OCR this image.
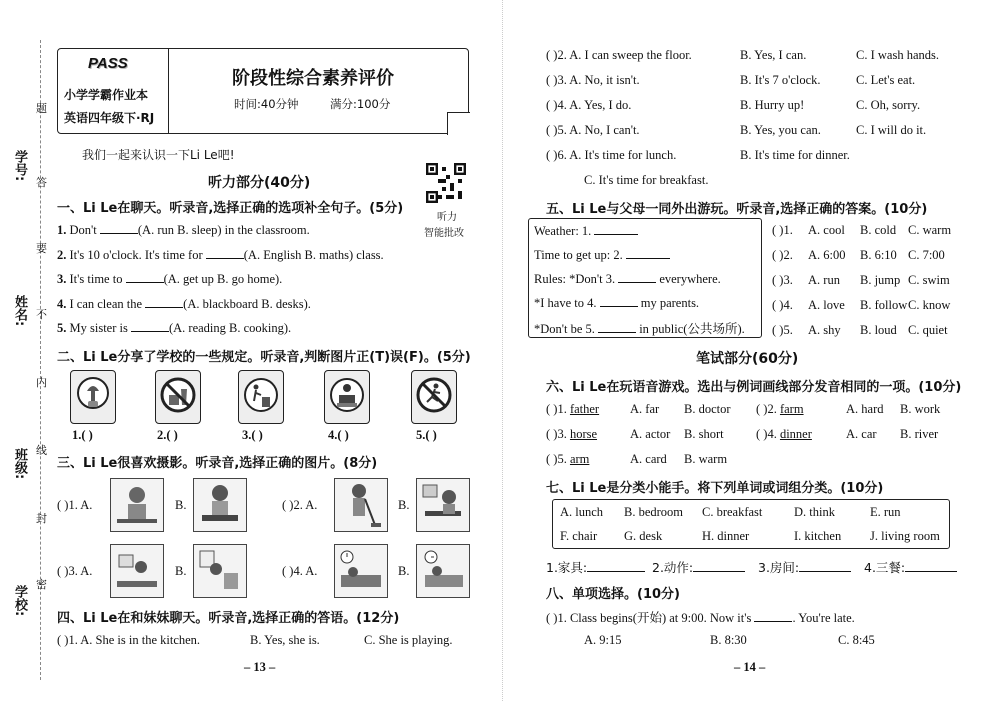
学号:
姓名:
班级:
学校:
题
答
要
不
内
线
封
密
PASS
小学学霸作业本
英语四年级下·RJ
阶段性综合素养评价
时间:40分钟	满分:100分
我们一起来认识一下Li Le吧!
听力部分(40分)
听力
智能批改
一、Li Le在聊天。听录音,选择正确的选项补全句子。(5分)
1. Don't	(A. run B. sleep) in the classroom.
2. It's 10 o'clock. It's time for	(A. English B. maths) class.
3. It's time to	(A. get up B. go home).
4. I can clean the	(A. blackboard B. desks).
5. My sister is	(A. reading B. cooking).
二、Li Le分享了学校的一些规定。听录音,判断图片正(T)误(F)。(5分)
1.( )	2.( )	3.( )	4.( )	5.( )
三、Li Le很喜欢摄影。听录音,选择正确的图片。(8分)
( )1. A.	B.	( )2. A.	B.
( )3. A.	B.	( )4. A.	B.
四、Li Le在和妹妹聊天。听录音,选择正确的答语。(12分)
( )1. A. She is in the kitchen.	B. Yes, she is.	C. She is playing.
– 13 –
( )2. A. I can sweep the floor.	B. Yes, I can.	C. I wash hands.
( )3. A. No, it isn't.	B. It's 7 o'clock.	C. Let's eat.
( )4. A. Yes, I do.	B. Hurry up!	C. Oh, sorry.
( )5. A. No, I can't.	B. Yes, you can.	C. I will do it.
( )6. A. It's time for lunch.	B. It's time for dinner.
C. It's time for breakfast.
五、Li Le与父母一同外出游玩。听录音,选择正确的答案。(10分)
Weather: 1.
Time to get up: 2.
Rules: *Don't 3.	everywhere.
*I have to 4.	my parents.
*Don't be 5.	in public(公共场所).
( )1. A. cool B. cold C. warm
( )2. A. 6:00 B. 6:10 C. 7:00
( )3. A. run B. jump C. swim
( )4. A. love B. follow C. know
( )5. A. shy B. loud C. quiet
笔试部分(60分)
六、Li Le在玩语音游戏。选出与例词画线部分发音相同的一项。(10分)
( )1. father A. far B. doctor ( )2. farm	A. hard B. work
( )3. horse	A. actor B. short	( )4. dinner	A. car B. river
( )5. arm	A. card B. warm
七、Li Le是分类小能手。将下列单词或词组分类。(10分)
A. lunch B. bedroom C. breakfast	D. think	E. run
F. chair G. desk	H. dinner	I. kitchen J. living room
1.家具:	2.动作:	3.房间:	4.三餐:
八、单项选择。(10分)
( )1. Class begins(开始) at 9:00. Now it's	. You're late.
A. 9:15	B. 8:30	C. 8:45
– 14 –
